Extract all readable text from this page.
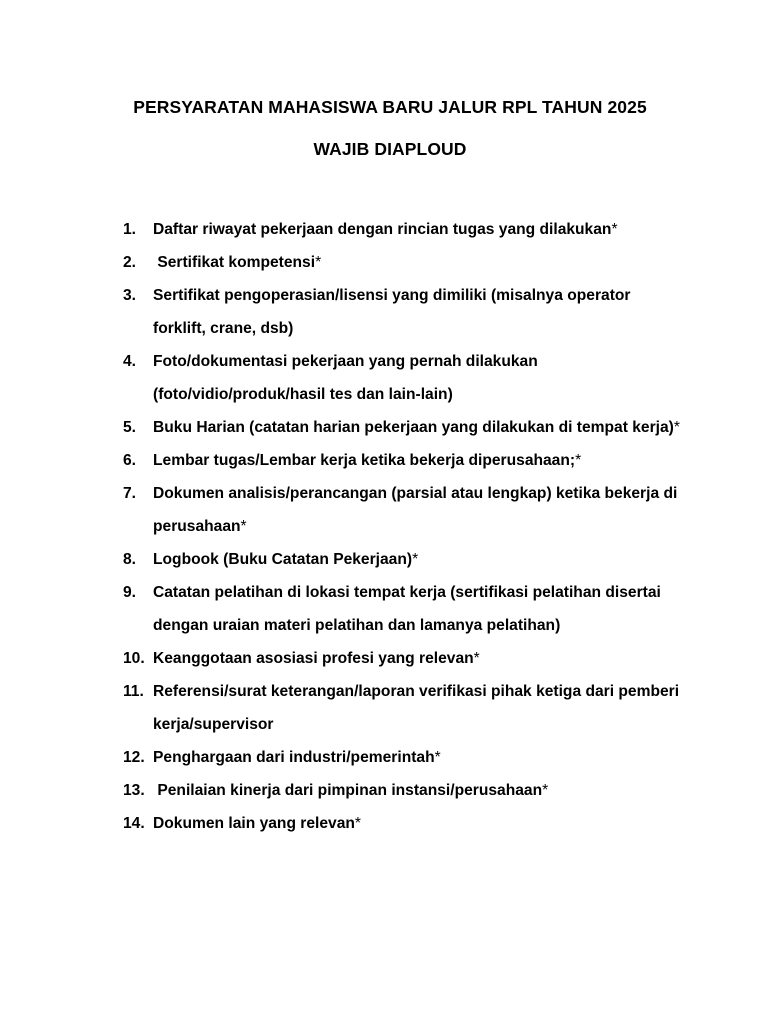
PERSYARATAN MAHASISWA BARU JALUR RPL TAHUN 2025
WAJIB DIAPLOUD
1.	Daftar riwayat pekerjaan dengan rincian tugas yang dilakukan*
2.	Sertifikat kompetensi*
3.	Sertifikat pengoperasian/lisensi yang dimiliki (misalnya operator forklift, crane, dsb)
4.	Foto/dokumentasi pekerjaan yang pernah dilakukan (foto/vidio/produk/hasil tes dan lain-lain)
5.	Buku Harian (catatan harian pekerjaan yang dilakukan di tempat kerja)*
6.	Lembar tugas/Lembar kerja ketika bekerja diperusahaan;*
7.	Dokumen analisis/perancangan (parsial atau lengkap) ketika bekerja di perusahaan*
8.	Logbook (Buku Catatan Pekerjaan)*
9.	Catatan pelatihan di lokasi tempat kerja (sertifikasi pelatihan disertai dengan uraian materi pelatihan dan lamanya pelatihan)
10. Keanggotaan asosiasi profesi yang relevan*
11. Referensi/surat keterangan/laporan verifikasi pihak ketiga dari pemberi kerja/supervisor
12. Penghargaan dari industri/pemerintah*
13. Penilaian kinerja dari pimpinan instansi/perusahaan*
14. Dokumen lain yang relevan*
